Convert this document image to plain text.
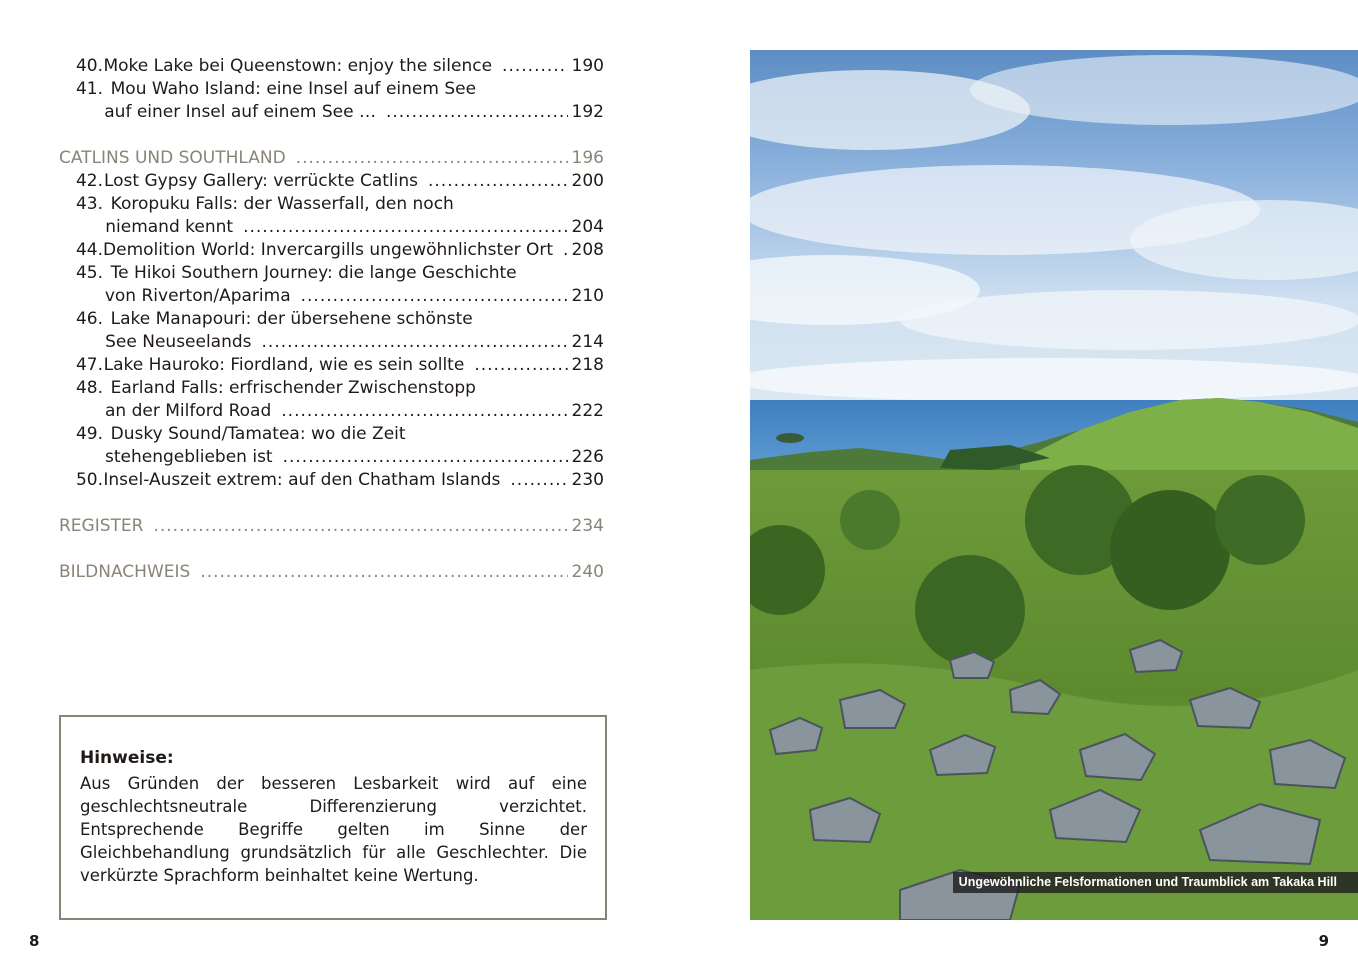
40. Moke Lake bei Queenstown: enjoy the silence .....	190
41. Mou Waho Island: eine Insel auf einem See
auf einer Insel auf einem See … .....	192
CATLINS UND SOUTHLAND .....	196
42. Lost Gypsy Gallery: verrückte Catlins .....	200
43. Koropuku Falls: der Wasserfall, den noch
niemand kennt .....	204
44. Demolition World: Invercargills ungewöhnlichster Ort ..... 208
45. Te Hikoi Southern Journey: die lange Geschichte
von Riverton/Aparima .....	210
46. Lake Manapouri: der übersehene schönste
See Neuseelands .....	214
47. Lake Hauroko: Fiordland, wie es sein sollte .....	218
48. Earland Falls: erfrischender Zwischenstopp
an der Milford Road .....	222
49. Dusky Sound/Tamatea: wo die Zeit
stehengeblieben ist .....	226
50. Insel-Auszeit extrem: auf den Chatham Islands .....	230
REGISTER .....	234
BILDNACHWEIS .....	240
Hinweise:
Aus Gründen der besseren Lesbarkeit wird auf eine geschlechtsneutrale Differenzierung verzichtet. Entsprechende Begriffe gelten im Sinne der Gleichbehandlung grundsätzlich für alle Geschlechter. Die verkürzte Sprachform beinhaltet keine Wertung.
8
Ungewöhnliche Felsformationen und Traumblick am Takaka Hill
9
